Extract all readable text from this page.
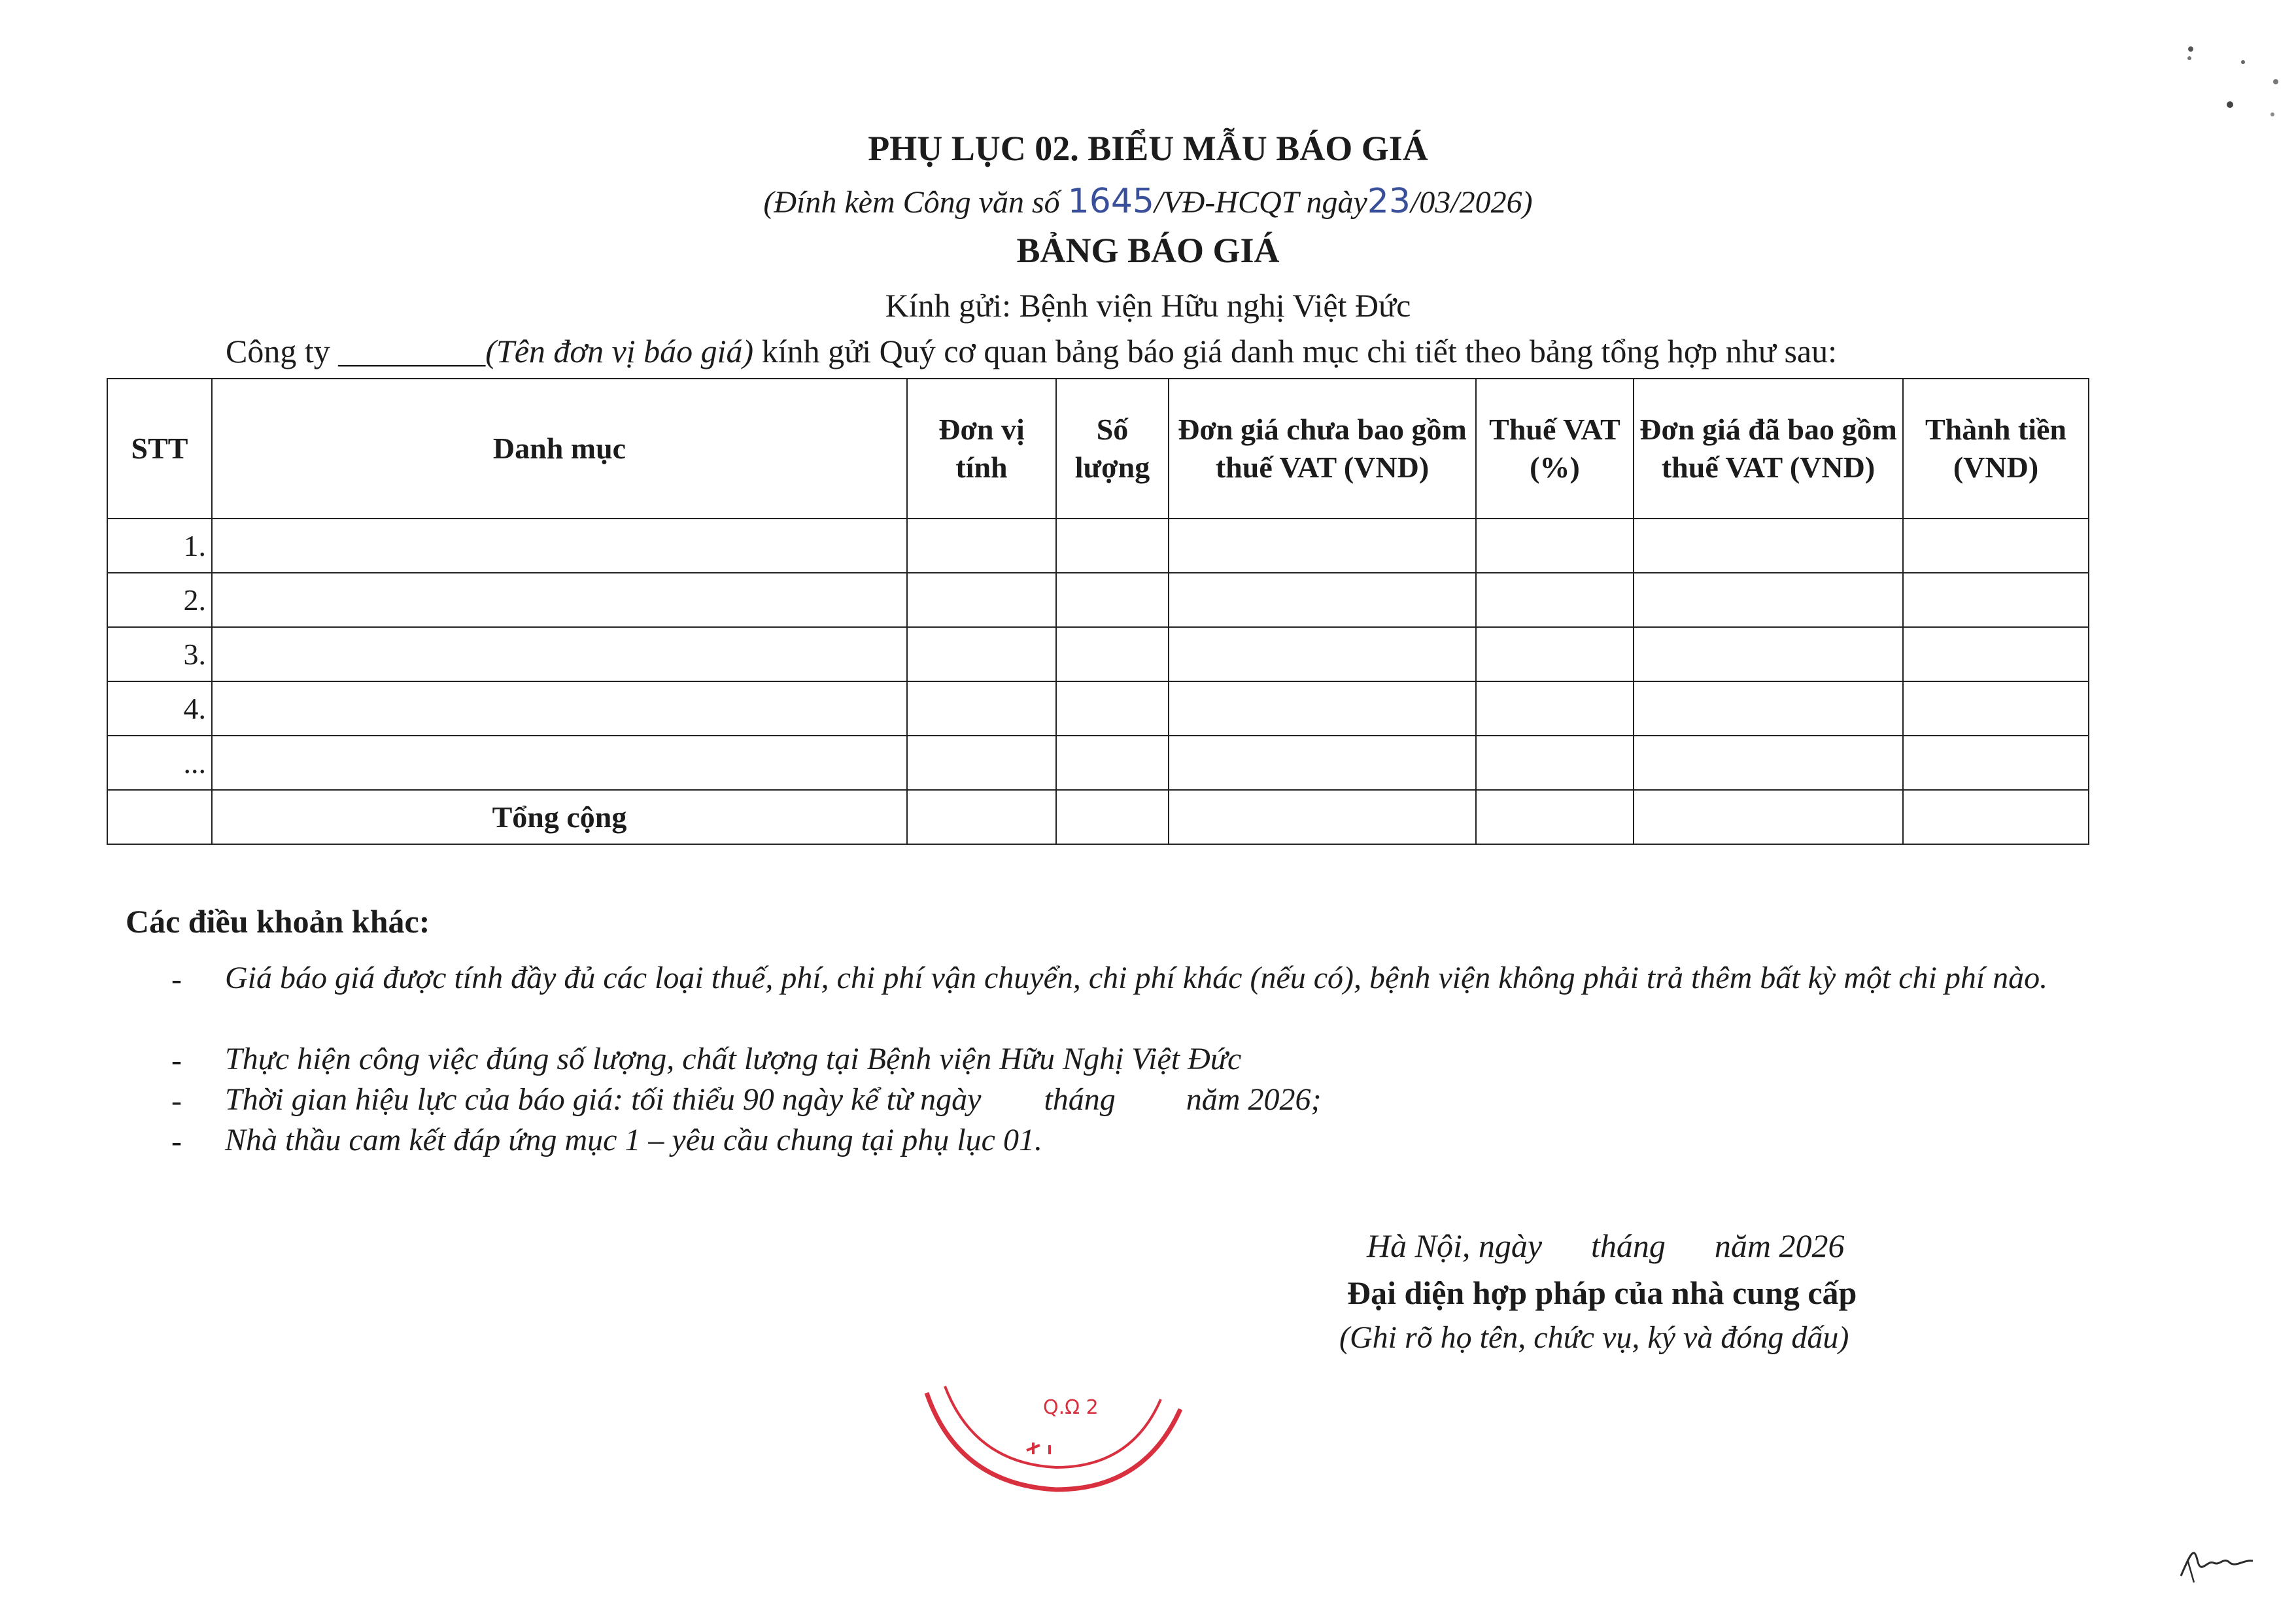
PHỤ LỤC 02. BIỂU MẪU BÁO GIÁ
(Đính kèm Công văn số 1645/VĐ-HCQT ngày23/03/2026)
BẢNG BÁO GIÁ
Kính gửi: Bệnh viện Hữu nghị Việt Đức
Công ty _________(Tên đơn vị báo giá) kính gửi Quý cơ quan bảng báo giá danh mục chi tiết theo bảng tổng hợp như sau:
STT	Danh mục	Đơn vị tính	Số lượng	Đơn giá chưa bao gồm thuế VAT (VND)	Thuế VAT (%)	Đơn giá đã bao gồm thuế VAT (VND)	Thành tiền (VND)
1.							
2.							
3.							
4.							
...							
	Tổng cộng						
Các điều khoản khác:
- Giá báo giá được tính đầy đủ các loại thuế, phí, chi phí vận chuyển, chi phí khác (nếu có), bệnh viện không phải trả thêm bất kỳ một chi phí nào.
- Thực hiện công việc đúng số lượng, chất lượng tại Bệnh viện Hữu Nghị Việt Đức
- Thời gian hiệu lực của báo giá: tối thiểu 90 ngày kể từ ngày        tháng         năm 2026;
- Nhà thầu cam kết đáp ứng mục 1 – yêu cầu chung tại phụ lục 01.
Hà Nội, ngày      tháng      năm 2026
Đại diện hợp pháp của nhà cung cấp
(Ghi rõ họ tên, chức vụ, ký và đóng dấu)
Q.Ω 2
